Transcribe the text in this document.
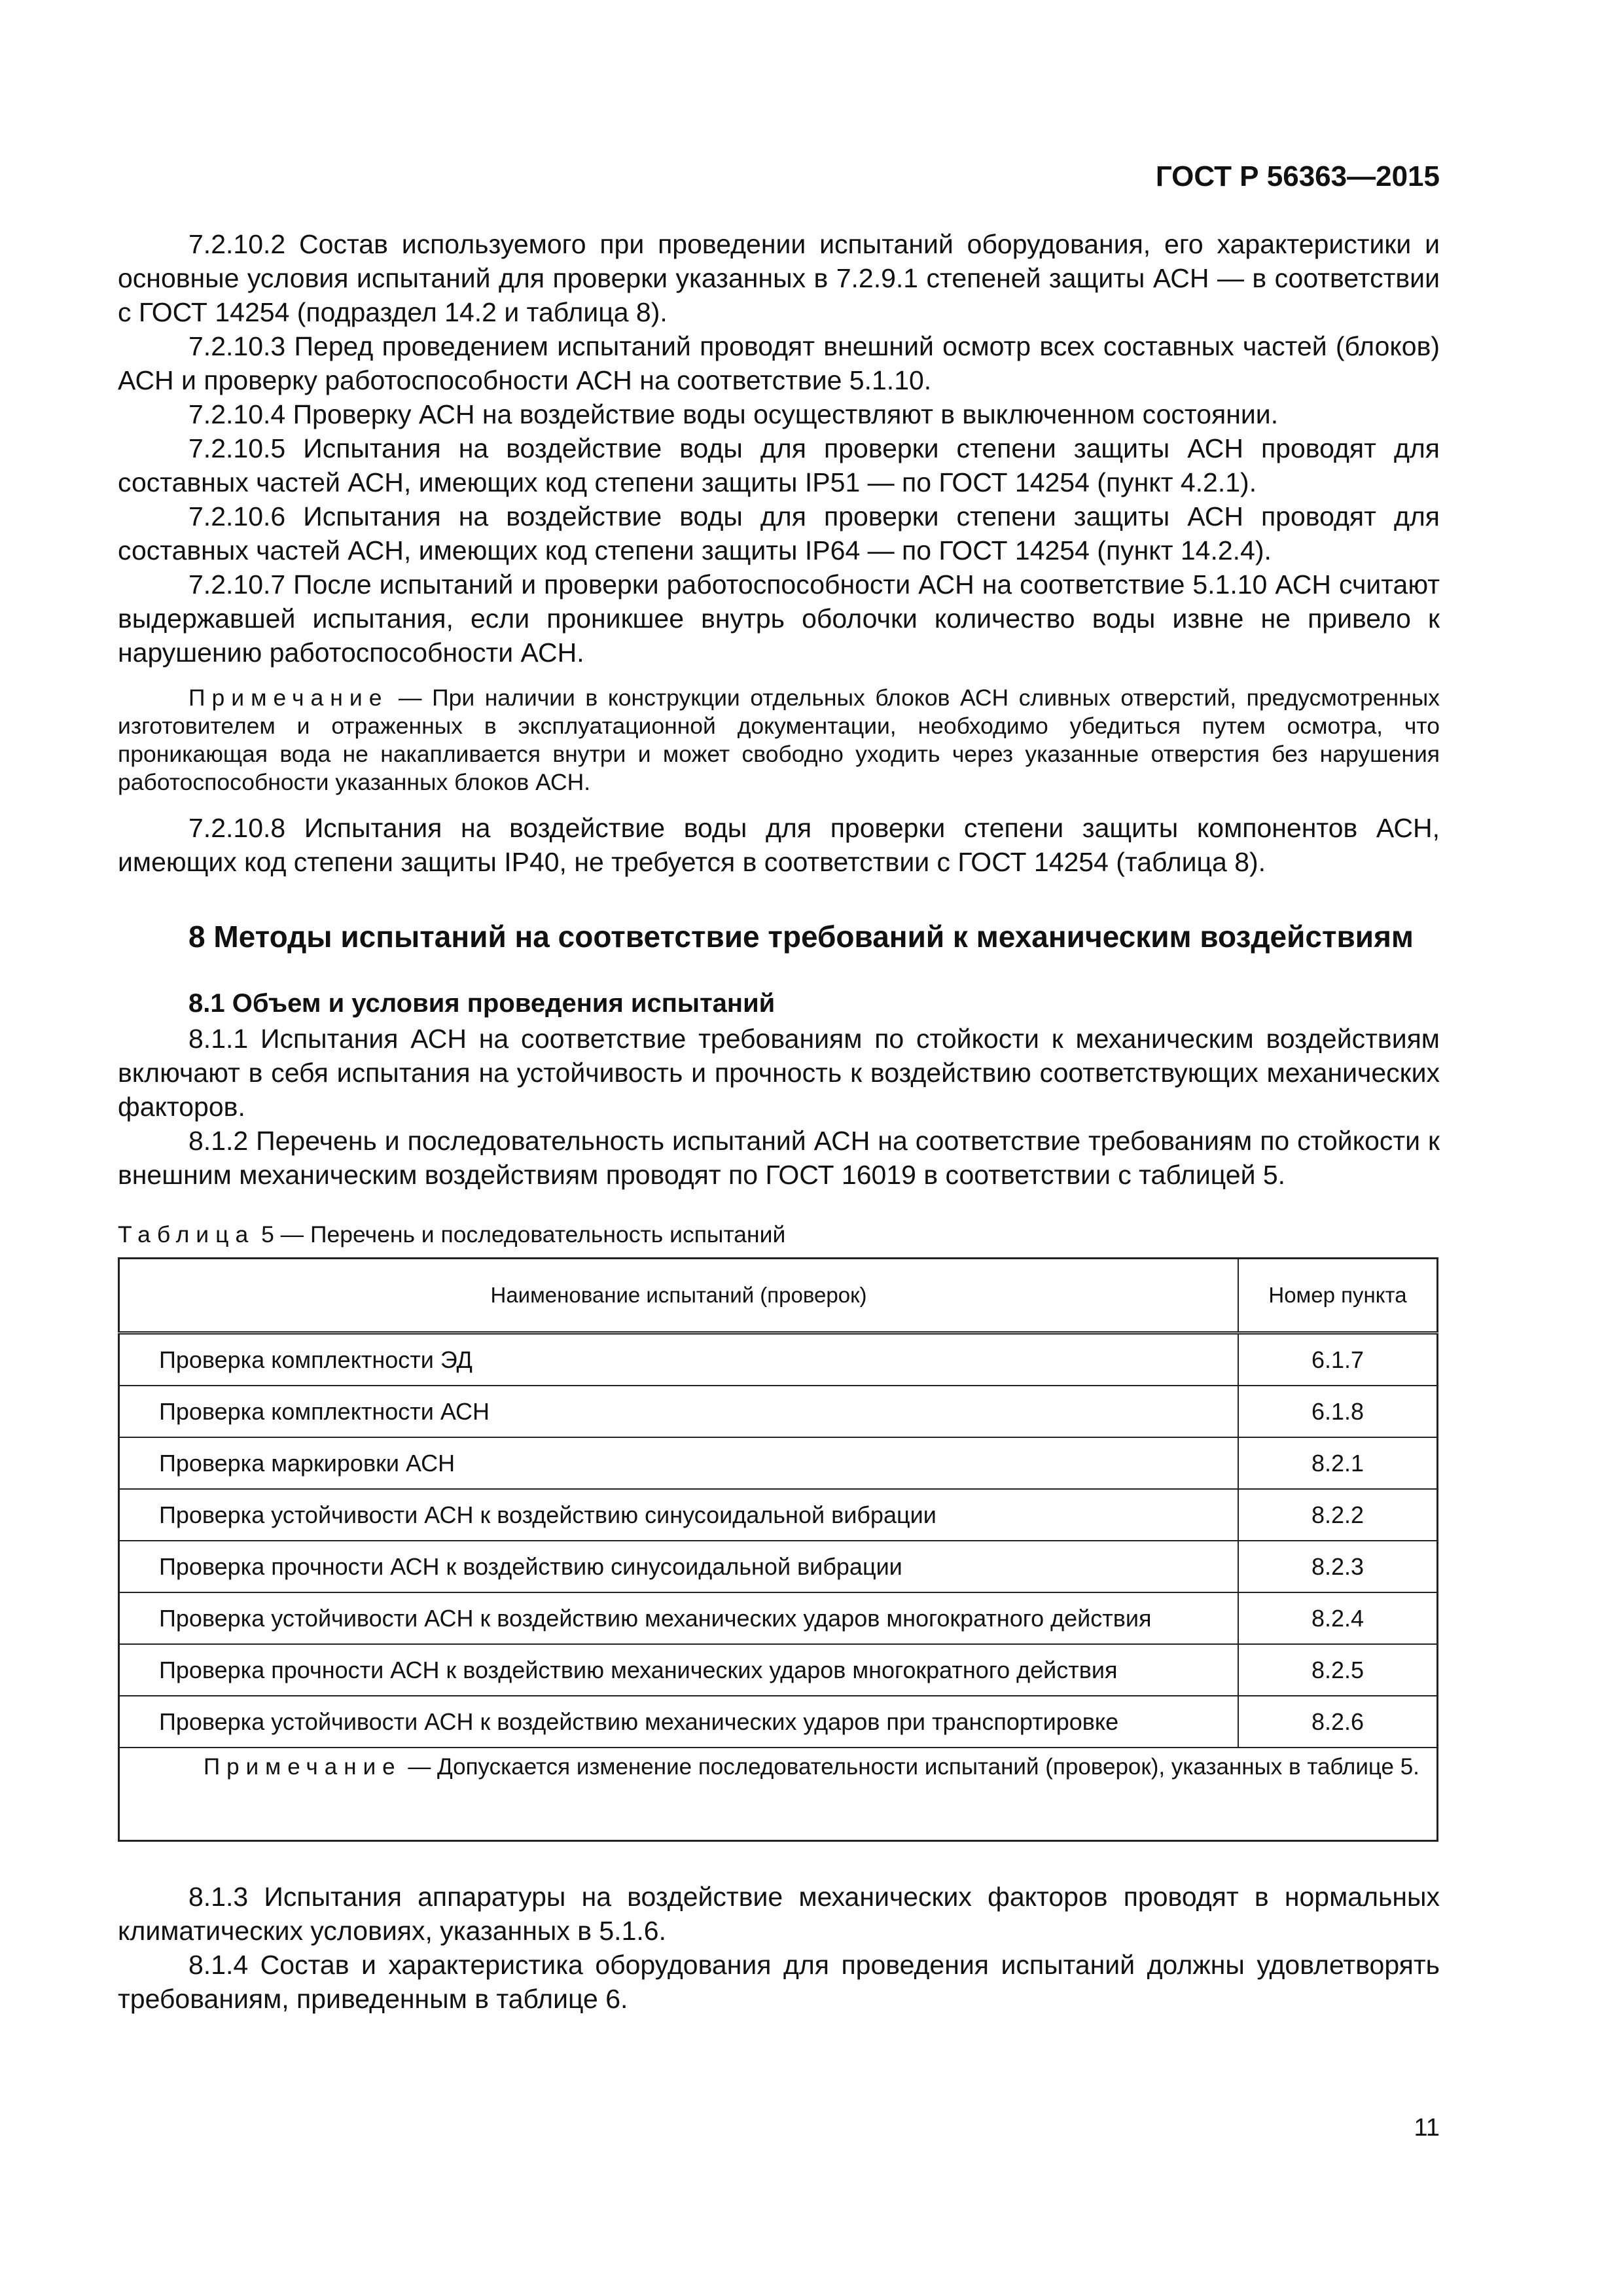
ГОСТ Р 56363—2015

7.2.10.2 Состав используемого при проведении испытаний оборудования, его характеристики и основные условия испытаний для проверки указанных в 7.2.9.1 степеней защиты АСН — в соответствии с ГОСТ 14254 (подраздел 14.2 и таблица 8).

7.2.10.3 Перед проведением испытаний проводят внешний осмотр всех составных частей (блоков) АСН и проверку работоспособности АСН на соответствие 5.1.10.

7.2.10.4 Проверку АСН на воздействие воды осуществляют в выключенном состоянии.

7.2.10.5 Испытания на воздействие воды для проверки степени защиты АСН проводят для составных частей АСН, имеющих код степени защиты IP51 — по ГОСТ 14254 (пункт 4.2.1).

7.2.10.6 Испытания на воздействие воды для проверки степени защиты АСН проводят для составных частей АСН, имеющих код степени защиты IP64 — по ГОСТ 14254 (пункт 14.2.4).

7.2.10.7 После испытаний и проверки работоспособности АСН на соответствие 5.1.10 АСН считают выдержавшей испытания, если проникшее внутрь оболочки количество воды извне не привело к нарушению работоспособности АСН.

Примечание — При наличии в конструкции отдельных блоков АСН сливных отверстий, предусмотренных изготовителем и отраженных в эксплуатационной документации, необходимо убедиться путем осмотра, что проникающая вода не накапливается внутри и может свободно уходить через указанные отверстия без нарушения работоспособности указанных блоков АСН.

7.2.10.8 Испытания на воздействие воды для проверки степени защиты компонентов АСН, имеющих код степени защиты IP40, не требуется в соответствии с ГОСТ 14254 (таблица 8).

8 Методы испытаний на соответствие требований к механическим воздействиям
8.1 Объем и условия проведения испытаний

8.1.1 Испытания АСН на соответствие требованиям по стойкости к механическим воздействиям включают в себя испытания на устойчивость и прочность к воздействию соответствующих механических факторов.

8.1.2 Перечень и последовательность испытаний АСН на соответствие требованиям по стойкости к внешним механическим воздействиям проводят по ГОСТ 16019 в соответствии с таблицей 5.

Таблица 5 — Перечень и последовательность испытаний
Наименование испытаний (проверок)	Номер пункта
Проверка комплектности ЭД	6.1.7
Проверка комплектности АСН	6.1.8
Проверка маркировки АСН	8.2.1
Проверка устойчивости АСН к воздействию синусоидальной вибрации	8.2.2
Проверка прочности АСН к воздействию синусоидальной вибрации	8.2.3
Проверка устойчивости АСН к воздействию механических ударов многократного действия	8.2.4
Проверка прочности АСН к воздействию механических ударов многократного действия	8.2.5
Проверка устойчивости АСН к воздействию механических ударов при транспортировке	8.2.6
Примечание — Допускается изменение последовательности испытаний (проверок), указанных в таблице 5.	

8.1.3 Испытания аппаратуры на воздействие механических факторов проводят в нормальных климатических условиях, указанных в 5.1.6.

8.1.4 Состав и характеристика оборудования для проведения испытаний должны удовлетворять требованиям, приведенным в таблице 6.

11
